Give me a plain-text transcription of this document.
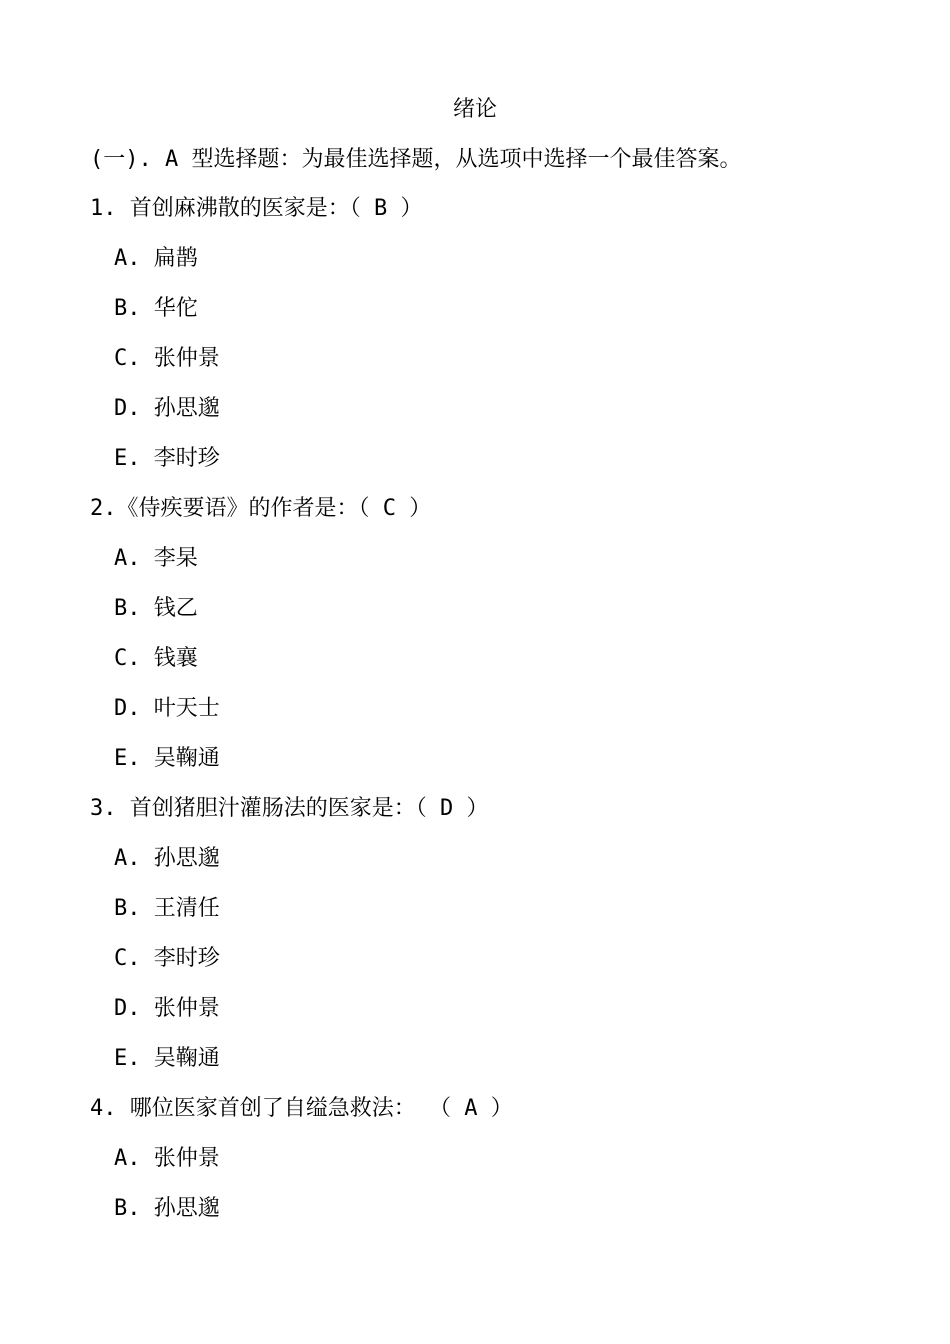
绪论
(一). A 型选择题：为最佳选择题，从选项中选择一个最佳答案。
1. 首创麻沸散的医家是：（ B ）
A. 扁鹊
B. 华佗
C. 张仲景
D. 孙思邈
E. 李时珍
2.《侍疾要语》的作者是：（ C ）
A. 李杲
B. 钱乙
C. 钱襄
D. 叶天士
E. 吴鞠通
3. 首创猪胆汁灌肠法的医家是：（ D ）
A. 孙思邈
B. 王清任
C. 李时珍
D. 张仲景
E. 吴鞠通
4. 哪位医家首创了自缢急救法： （ A ）
A. 张仲景
B. 孙思邈
